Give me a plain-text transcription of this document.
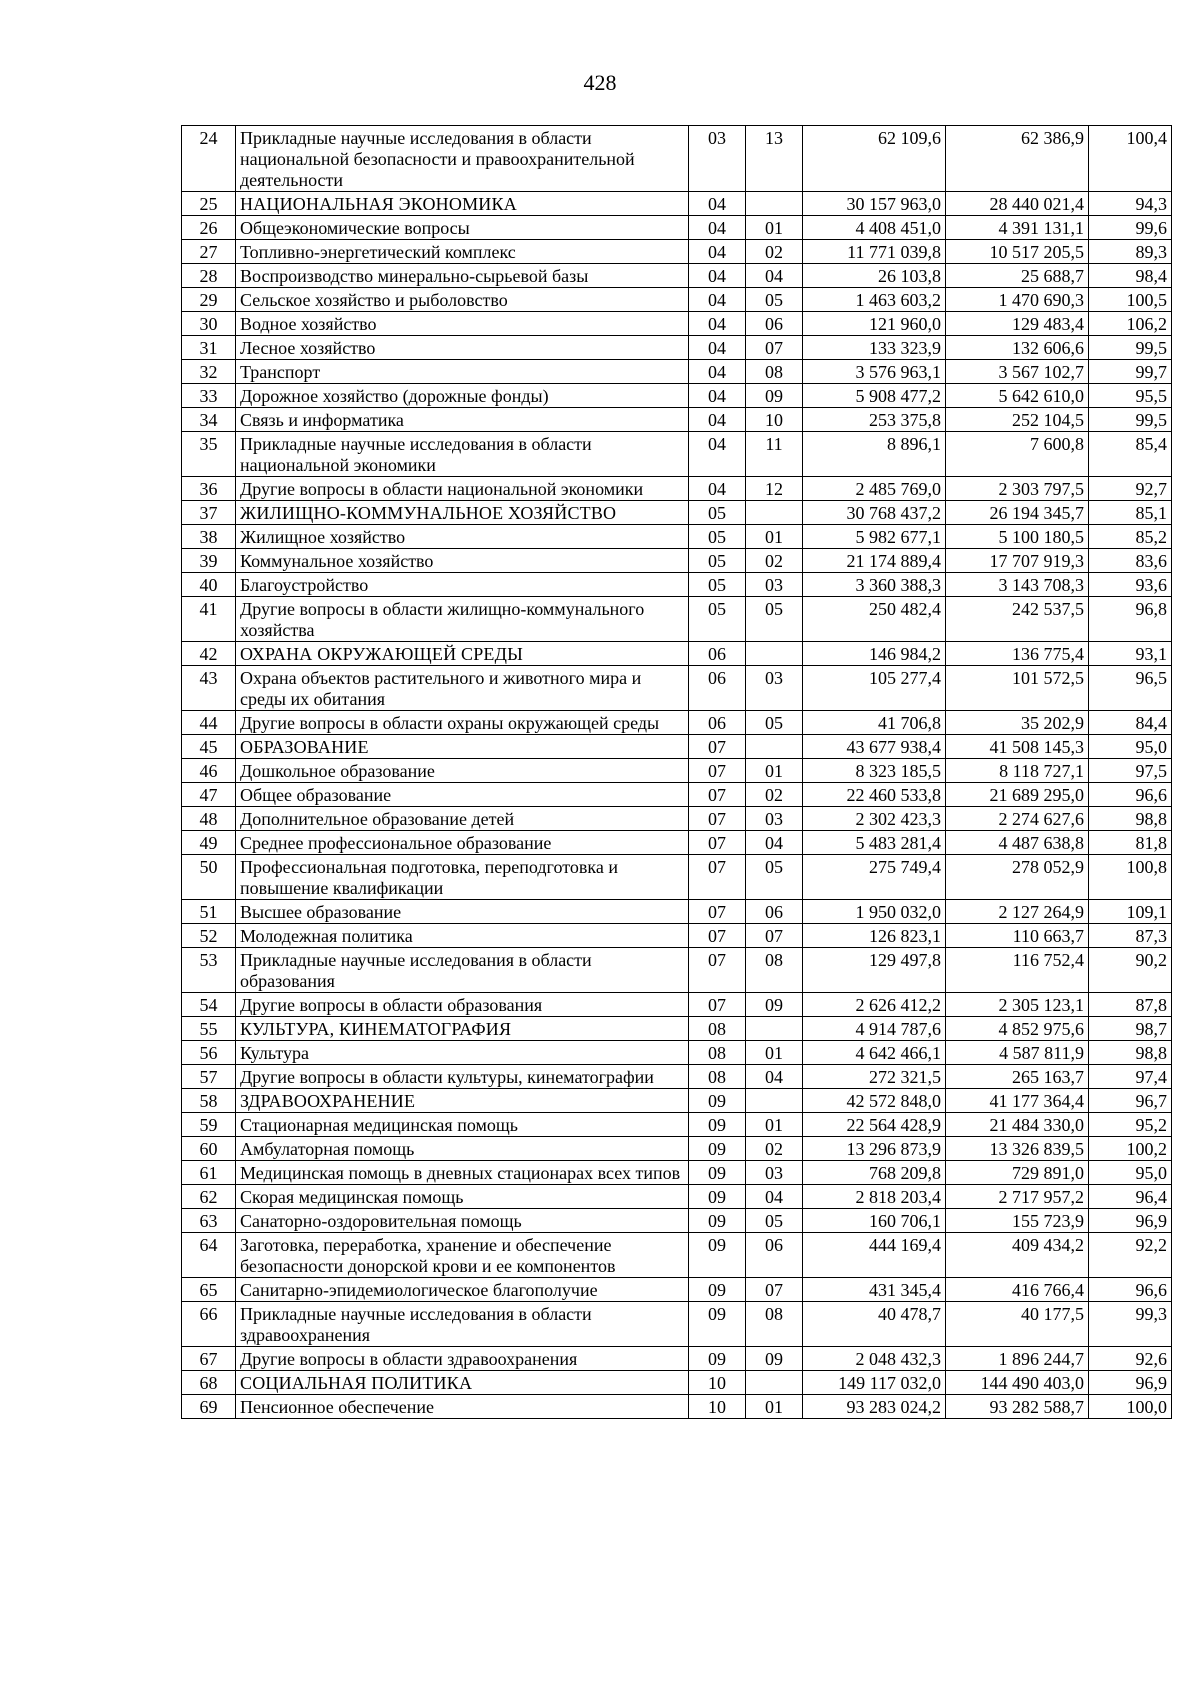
428
24	Прикладные научные исследования в области национальной безопасности и правоохранительной деятельности	03	13	62 109,6	62 386,9	100,4
25	НАЦИОНАЛЬНАЯ ЭКОНОМИКА	04		30 157 963,0	28 440 021,4	94,3
26	Общеэкономические вопросы	04	01	4 408 451,0	4 391 131,1	99,6
27	Топливно-энергетический комплекс	04	02	11 771 039,8	10 517 205,5	89,3
28	Воспроизводство минерально-сырьевой базы	04	04	26 103,8	25 688,7	98,4
29	Сельское хозяйство и рыболовство	04	05	1 463 603,2	1 470 690,3	100,5
30	Водное хозяйство	04	06	121 960,0	129 483,4	106,2
31	Лесное хозяйство	04	07	133 323,9	132 606,6	99,5
32	Транспорт	04	08	3 576 963,1	3 567 102,7	99,7
33	Дорожное хозяйство (дорожные фонды)	04	09	5 908 477,2	5 642 610,0	95,5
34	Связь и информатика	04	10	253 375,8	252 104,5	99,5
35	Прикладные научные исследования в области национальной экономики	04	11	8 896,1	7 600,8	85,4
36	Другие вопросы в области национальной экономики	04	12	2 485 769,0	2 303 797,5	92,7
37	ЖИЛИЩНО-КОММУНАЛЬНОЕ ХОЗЯЙСТВО	05		30 768 437,2	26 194 345,7	85,1
38	Жилищное хозяйство	05	01	5 982 677,1	5 100 180,5	85,2
39	Коммунальное хозяйство	05	02	21 174 889,4	17 707 919,3	83,6
40	Благоустройство	05	03	3 360 388,3	3 143 708,3	93,6
41	Другие вопросы в области жилищно-коммунального хозяйства	05	05	250 482,4	242 537,5	96,8
42	ОХРАНА ОКРУЖАЮЩЕЙ СРЕДЫ	06		146 984,2	136 775,4	93,1
43	Охрана объектов растительного и животного мира и среды их обитания	06	03	105 277,4	101 572,5	96,5
44	Другие вопросы в области охраны окружающей среды	06	05	41 706,8	35 202,9	84,4
45	ОБРАЗОВАНИЕ	07		43 677 938,4	41 508 145,3	95,0
46	Дошкольное образование	07	01	8 323 185,5	8 118 727,1	97,5
47	Общее образование	07	02	22 460 533,8	21 689 295,0	96,6
48	Дополнительное образование детей	07	03	2 302 423,3	2 274 627,6	98,8
49	Среднее профессиональное образование	07	04	5 483 281,4	4 487 638,8	81,8
50	Профессиональная подготовка, переподготовка и повышение квалификации	07	05	275 749,4	278 052,9	100,8
51	Высшее образование	07	06	1 950 032,0	2 127 264,9	109,1
52	Молодежная политика	07	07	126 823,1	110 663,7	87,3
53	Прикладные научные исследования в области образования	07	08	129 497,8	116 752,4	90,2
54	Другие вопросы в области образования	07	09	2 626 412,2	2 305 123,1	87,8
55	КУЛЬТУРА, КИНЕМАТОГРАФИЯ	08		4 914 787,6	4 852 975,6	98,7
56	Культура	08	01	4 642 466,1	4 587 811,9	98,8
57	Другие вопросы в области культуры, кинематографии	08	04	272 321,5	265 163,7	97,4
58	ЗДРАВООХРАНЕНИЕ	09		42 572 848,0	41 177 364,4	96,7
59	Стационарная медицинская помощь	09	01	22 564 428,9	21 484 330,0	95,2
60	Амбулаторная помощь	09	02	13 296 873,9	13 326 839,5	100,2
61	Медицинская помощь в дневных стационарах всех типов	09	03	768 209,8	729 891,0	95,0
62	Скорая медицинская помощь	09	04	2 818 203,4	2 717 957,2	96,4
63	Санаторно-оздоровительная помощь	09	05	160 706,1	155 723,9	96,9
64	Заготовка, переработка, хранение и обеспечение безопасности донорской крови и ее компонентов	09	06	444 169,4	409 434,2	92,2
65	Санитарно-эпидемиологическое благополучие	09	07	431 345,4	416 766,4	96,6
66	Прикладные научные исследования в области здравоохранения	09	08	40 478,7	40 177,5	99,3
67	Другие вопросы в области здравоохранения	09	09	2 048 432,3	1 896 244,7	92,6
68	СОЦИАЛЬНАЯ ПОЛИТИКА	10		149 117 032,0	144 490 403,0	96,9
69	Пенсионное обеспечение	10	01	93 283 024,2	93 282 588,7	100,0
